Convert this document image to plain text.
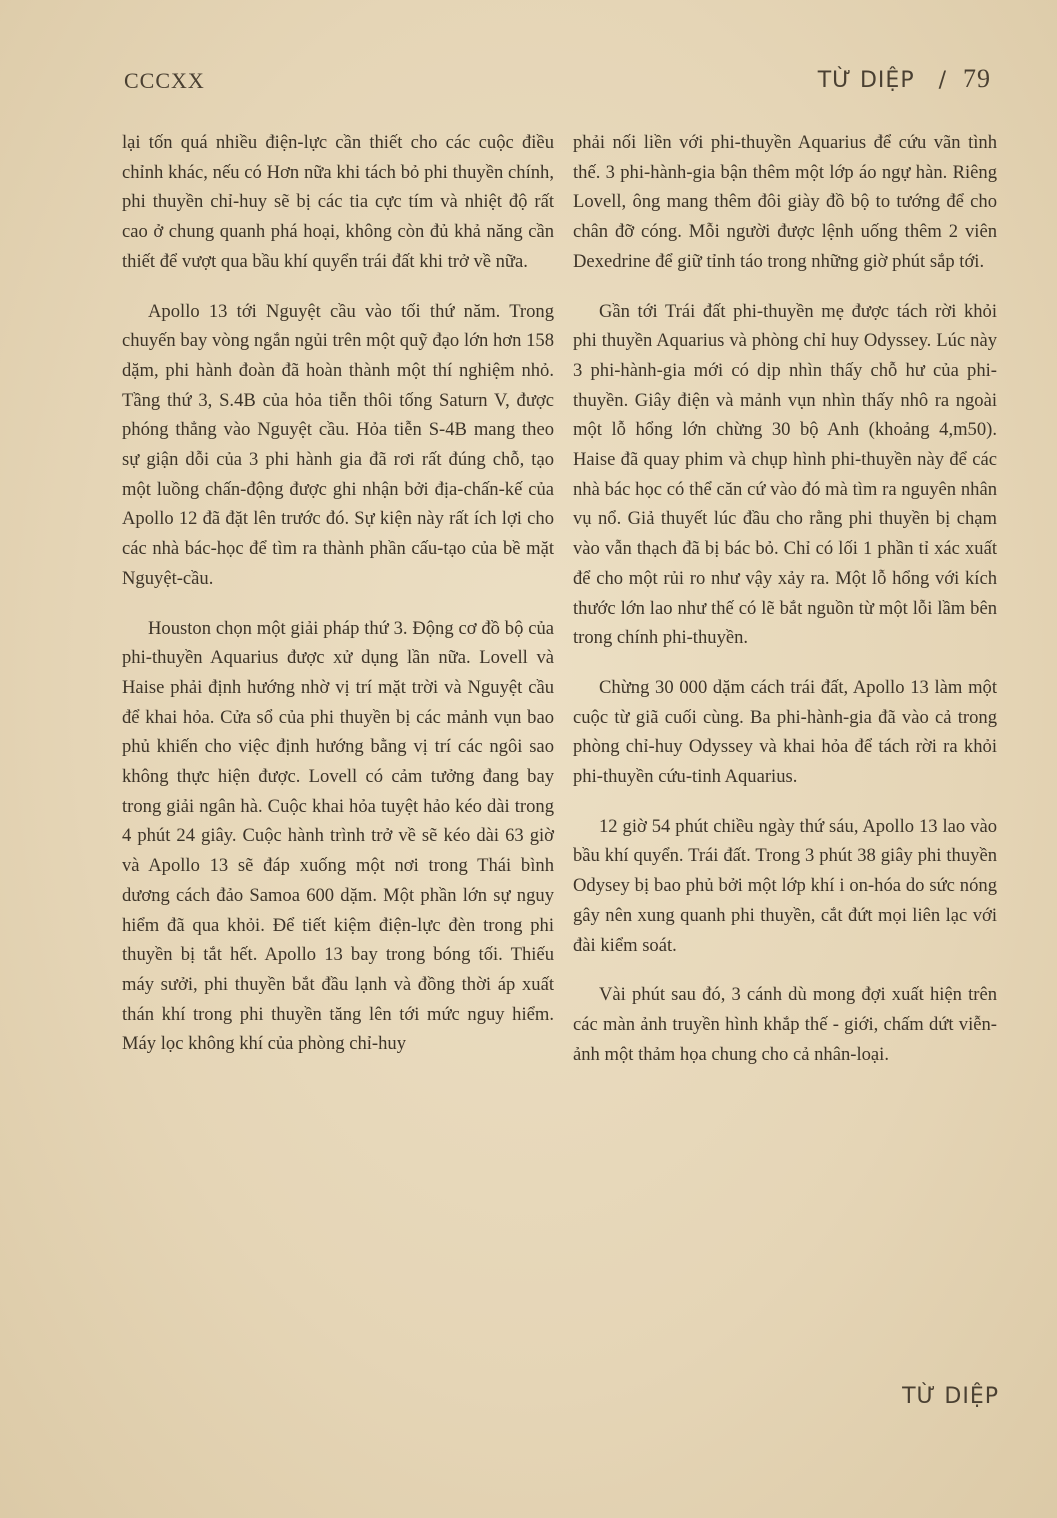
CCCXX	TỪ DIỆP / 79

lại tốn quá nhiều điện-lực cần thiết cho các cuộc điều chỉnh khác, nếu có Hơn nữa khi tách bỏ phi thuyền chính, phi thuyền chỉ-huy sẽ bị các tia cực tím và nhiệt độ rất cao ở chung quanh phá hoại, không còn đủ khả năng cần thiết để vượt qua bầu khí quyển trái đất khi trở về nữa.

Apollo 13 tới Nguyệt cầu vào tối thứ năm. Trong chuyến bay vòng ngắn ngủi trên một quỹ đạo lớn hơn 158 dặm, phi hành đoàn đã hoàn thành một thí nghiệm nhỏ. Tầng thứ 3, S.4B của hỏa tiễn thôi tống Saturn V, được phóng thẳng vào Nguyệt cầu. Hỏa tiễn S-4B mang theo sự giận dỗi của 3 phi hành gia đã rơi rất đúng chỗ, tạo một luồng chấn-động được ghi nhận bởi địa-chấn-kế của Apollo 12 đã đặt lên trước đó. Sự kiện này rất ích lợi cho các nhà bác-học để tìm ra thành phần cấu-tạo của bề mặt Nguyệt-cầu.

Houston chọn một giải pháp thứ 3. Động cơ đồ bộ của phi-thuyền Aquarius được xử dụng lần nữa. Lovell và Haise phải định hướng nhờ vị trí mặt trời và Nguyệt cầu để khai hỏa. Cửa sổ của phi thuyền bị các mảnh vụn bao phủ khiến cho việc định hướng bằng vị trí các ngôi sao không thực hiện được. Lovell có cảm tưởng đang bay trong giải ngân hà. Cuộc khai hỏa tuyệt hảo kéo dài trong 4 phút 24 giây. Cuộc hành trình trở về sẽ kéo dài 63 giờ và Apollo 13 sẽ đáp xuống một nơi trong Thái bình dương cách đảo Samoa 600 dặm. Một phần lớn sự nguy hiểm đã qua khỏi. Để tiết kiệm điện-lực đèn trong phi thuyền bị tắt hết. Apollo 13 bay trong bóng tối. Thiếu máy sưởi, phi thuyền bắt đầu lạnh và đồng thời áp xuất thán khí trong phi thuyền tăng lên tới mức nguy hiểm. Máy lọc không khí của phòng chỉ-huy

phải nối liền với phi-thuyền Aquarius để cứu vãn tình thế. 3 phi-hành-gia bận thêm một lớp áo ngự hàn. Riêng Lovell, ông mang thêm đôi giày đồ bộ to tướng để cho chân đỡ cóng. Mỗi người được lệnh uống thêm 2 viên Dexedrine để giữ tỉnh táo trong những giờ phút sắp tới.

Gần tới Trái đất phi-thuyền mẹ được tách rời khỏi phi thuyền Aquarius và phòng chỉ huy Odyssey. Lúc này 3 phi-hành-gia mới có dịp nhìn thấy chỗ hư của phi-thuyền. Giây điện và mảnh vụn nhìn thấy nhô ra ngoài một lỗ hổng lớn chừng 30 bộ Anh (khoảng 4,m50). Haise đã quay phim và chụp hình phi-thuyền này để các nhà bác học có thể căn cứ vào đó mà tìm ra nguyên nhân vụ nổ. Giả thuyết lúc đầu cho rằng phi thuyền bị chạm vào vẫn thạch đã bị bác bỏ. Chỉ có lối 1 phần tỉ xác xuất để cho một rủi ro như vậy xảy ra. Một lỗ hổng với kích thước lớn lao như thế có lẽ bắt nguồn từ một lỗi lầm bên trong chính phi-thuyền.

Chừng 30 000 dặm cách trái đất, Apollo 13 làm một cuộc từ giã cuối cùng. Ba phi-hành-gia đã vào cả trong phòng chỉ-huy Odyssey và khai hỏa để tách rời ra khỏi phi-thuyền cứu-tinh Aquarius.

12 giờ 54 phút chiều ngày thứ sáu, Apollo 13 lao vào bầu khí quyển. Trái đất. Trong 3 phút 38 giây phi thuyền Odysey bị bao phủ bởi một lớp khí i on-hóa do sức nóng gây nên xung quanh phi thuyền, cắt đứt mọi liên lạc với đài kiểm soát.

Vài phút sau đó, 3 cánh dù mong đợi xuất hiện trên các màn ảnh truyền hình khắp thế - giới, chấm dứt viễn-ảnh một thảm họa chung cho cả nhân-loại.

TỪ DIỆP
